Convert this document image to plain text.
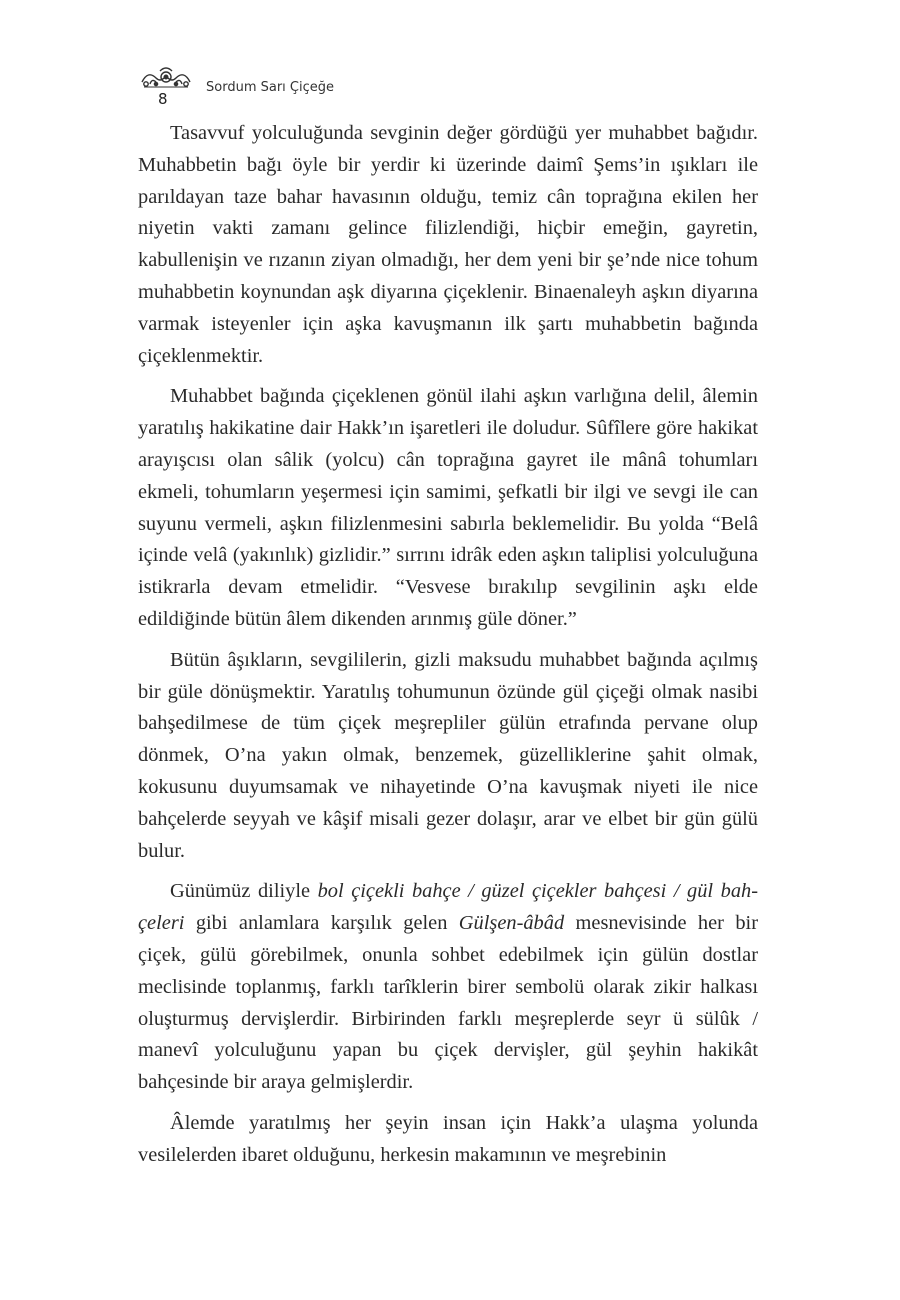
8
Sordum Sarı Çiçeğe

Tasavvuf yolculuğunda sevginin değer gördüğü yer muhabbet bağıdır. Muhabbetin bağı öyle bir yerdir ki üzerinde daimî Şems’in ışıkları ile parıldayan taze bahar havasının olduğu, temiz cân toprağına ekilen her niyetin vakti zamanı gelince filizlendiği, hiçbir emeğin, gayretin, kabullenişin ve rızanın ziyan olmadığı, her dem yeni bir şe’nde nice tohum muhabbetin koynundan aşk diyarına çiçeklenir. Binaenaleyh aşkın diyarına varmak isteyenler için aşka kavuşmanın ilk şartı muhabbetin bağında çiçeklenmektir.

Muhabbet bağında çiçeklenen gönül ilahi aşkın varlığına delil, âlemin yaratılış hakikatine dair Hakk’ın işaretleri ile doludur. Sûfîlere göre hakikat arayışcısı olan sâlik (yolcu) cân toprağına gayret ile mânâ tohumları ekmeli, tohumların yeşermesi için samimi, şefkatli bir ilgi ve sevgi ile can suyunu vermeli, aşkın filizlenmesini sabırla beklemelidir. Bu yolda “Belâ içinde velâ (yakınlık) gizlidir.” sırrını idrâk eden aşkın taliplisi yolculuğuna istikrarla devam etmelidir. “Vesvese bırakılıp sevgilinin aşkı elde edildiğinde bütün âlem dikenden arınmış güle döner.”

Bütün âşıkların, sevgililerin, gizli maksudu muhabbet bağında açılmış bir güle dönüşmektir. Yaratılış tohumunun özünde gül çiçeği olmak nasibi bahşedilmese de tüm çiçek meşrepliler gülün etrafında pervane olup dönmek, O’na yakın olmak, benzemek, güzelliklerine şahit olmak, kokusunu duyumsamak ve nihayetinde O’na kavuşmak niyeti ile nice bahçelerde seyyah ve kâşif misali gezer dolaşır, arar ve elbet bir gün gülü bulur.

Günümüz diliyle bol çiçekli bahçe / güzel çiçekler bahçesi / gül bahçeleri gibi anlamlara karşılık gelen Gülşen-âbâd mesnevisinde her bir çiçek, gülü görebilmek, onunla sohbet edebilmek için gülün dostlar meclisinde toplanmış, farklı tarîklerin birer sembolü olarak zikir halkası oluşturmuş dervişlerdir. Birbirinden farklı meşreplerde seyr ü sülûk / manevî yolculuğunu yapan bu çiçek dervişler, gül şeyhin hakikât bahçesinde bir araya gelmişlerdir.

Âlemde yaratılmış her şeyin insan için Hakk’a ulaşma yolunda vesilelerden ibaret olduğunu, herkesin makamının ve meşrebinin
